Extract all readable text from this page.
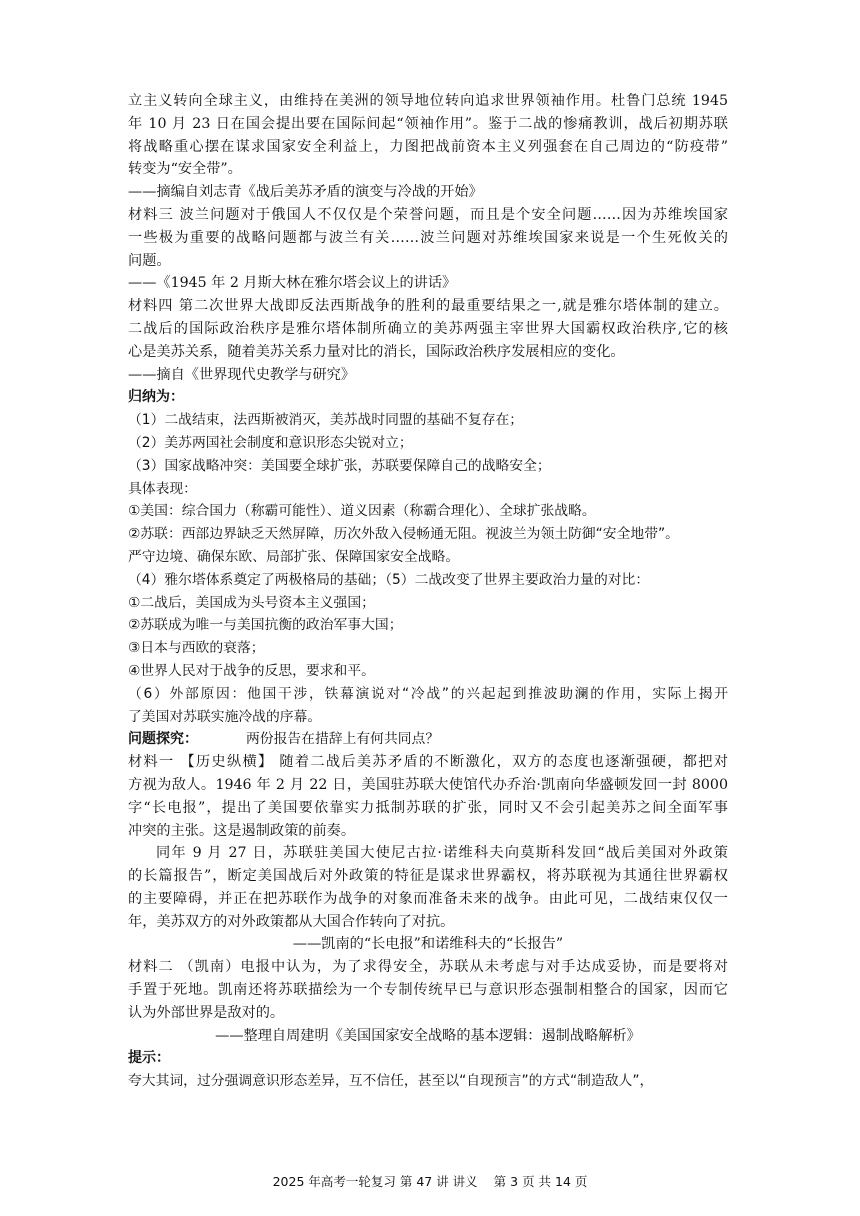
立主义转向全球主义，由维持在美洲的领导地位转向追求世界领袖作用。杜鲁门总统 1945
年 10 月 23 日在国会提出要在国际间起“领袖作用”。鉴于二战的惨痛教训，战后初期苏联
将战略重心摆在谋求国家安全利益上，力图把战前资本主义列强套在自己周边的“防疫带”
转变为“安全带”。
——摘编自刘志青《战后美苏矛盾的演变与冷战的开始》
材料三 波兰问题对于俄国人不仅仅是个荣誉问题，而且是个安全问题……因为苏维埃国家
一些极为重要的战略问题都与波兰有关……波兰问题对苏维埃国家来说是一个生死攸关的
问题。
——《1945 年 2 月斯大林在雅尔塔会议上的讲话》
材料四 第二次世界大战即反法西斯战争的胜利的最重要结果之一,就是雅尔塔体制的建立。
二战后的国际政治秩序是雅尔塔体制所确立的美苏两强主宰世界大国霸权政治秩序,它的核
心是美苏关系，随着美苏关系力量对比的消长，国际政治秩序发展相应的变化。
——摘自《世界现代史教学与研究》
归纳为：
（1）二战结束，法西斯被消灭，美苏战时同盟的基础不复存在；
（2）美苏两国社会制度和意识形态尖锐对立；
（3）国家战略冲突：美国要全球扩张，苏联要保障自己的战略安全；
具体表现：
①美国：综合国力（称霸可能性）、道义因素（称霸合理化）、全球扩张战略。
②苏联：西部边界缺乏天然屏障，历次外敌入侵畅通无阻。视波兰为领土防御“安全地带”。
严守边境、确保东欧、局部扩张、保障国家安全战略。
（4）雅尔塔体系奠定了两极格局的基础；（5）二战改变了世界主要政治力量的对比：
①二战后，美国成为头号资本主义强国；
②苏联成为唯一与美国抗衡的政治军事大国；
③日本与西欧的衰落；
④世界人民对于战争的反思，要求和平。
（6）外部原因：他国干涉，铁幕演说对“冷战”的兴起起到推波助澜的作用，实际上揭开
了美国对苏联实施冷战的序幕。
问题探究：	两份报告在措辞上有何共同点？
材料一 【历史纵横】 随着二战后美苏矛盾的不断激化，双方的态度也逐渐强硬，都把对
方视为敌人。1946 年 2 月 22 日，美国驻苏联大使馆代办乔治·凯南向华盛顿发回一封 8000
字“长电报”，提出了美国要依靠实力抵制苏联的扩张，同时又不会引起美苏之间全面军事
冲突的主张。这是遏制政策的前奏。
同年 9 月 27 日，苏联驻美国大使尼古拉·诺维科夫向莫斯科发回“战后美国对外政策
的长篇报告”，断定美国战后对外政策的特征是谋求世界霸权，将苏联视为其通往世界霸权
的主要障碍，并正在把苏联作为战争的对象而准备未来的战争。由此可见，二战结束仅仅一
年，美苏双方的对外政策都从大国合作转向了对抗。
——凯南的“长电报”和诺维科夫的“长报告”
材料二 （凯南）电报中认为，为了求得安全，苏联从未考虑与对手达成妥协，而是要将对
手置于死地。凯南还将苏联描绘为一个专制传统早已与意识形态强制相整合的国家，因而它
认为外部世界是敌对的。
——整理自周建明《美国国家安全战略的基本逻辑：遏制战略解析》
提示：
夸大其词，过分强调意识形态差异，互不信任，甚至以“自现预言”的方式“制造敌人”，
2025 年高考一轮复习 第 47 讲 讲义 第 3 页 共 14 页
